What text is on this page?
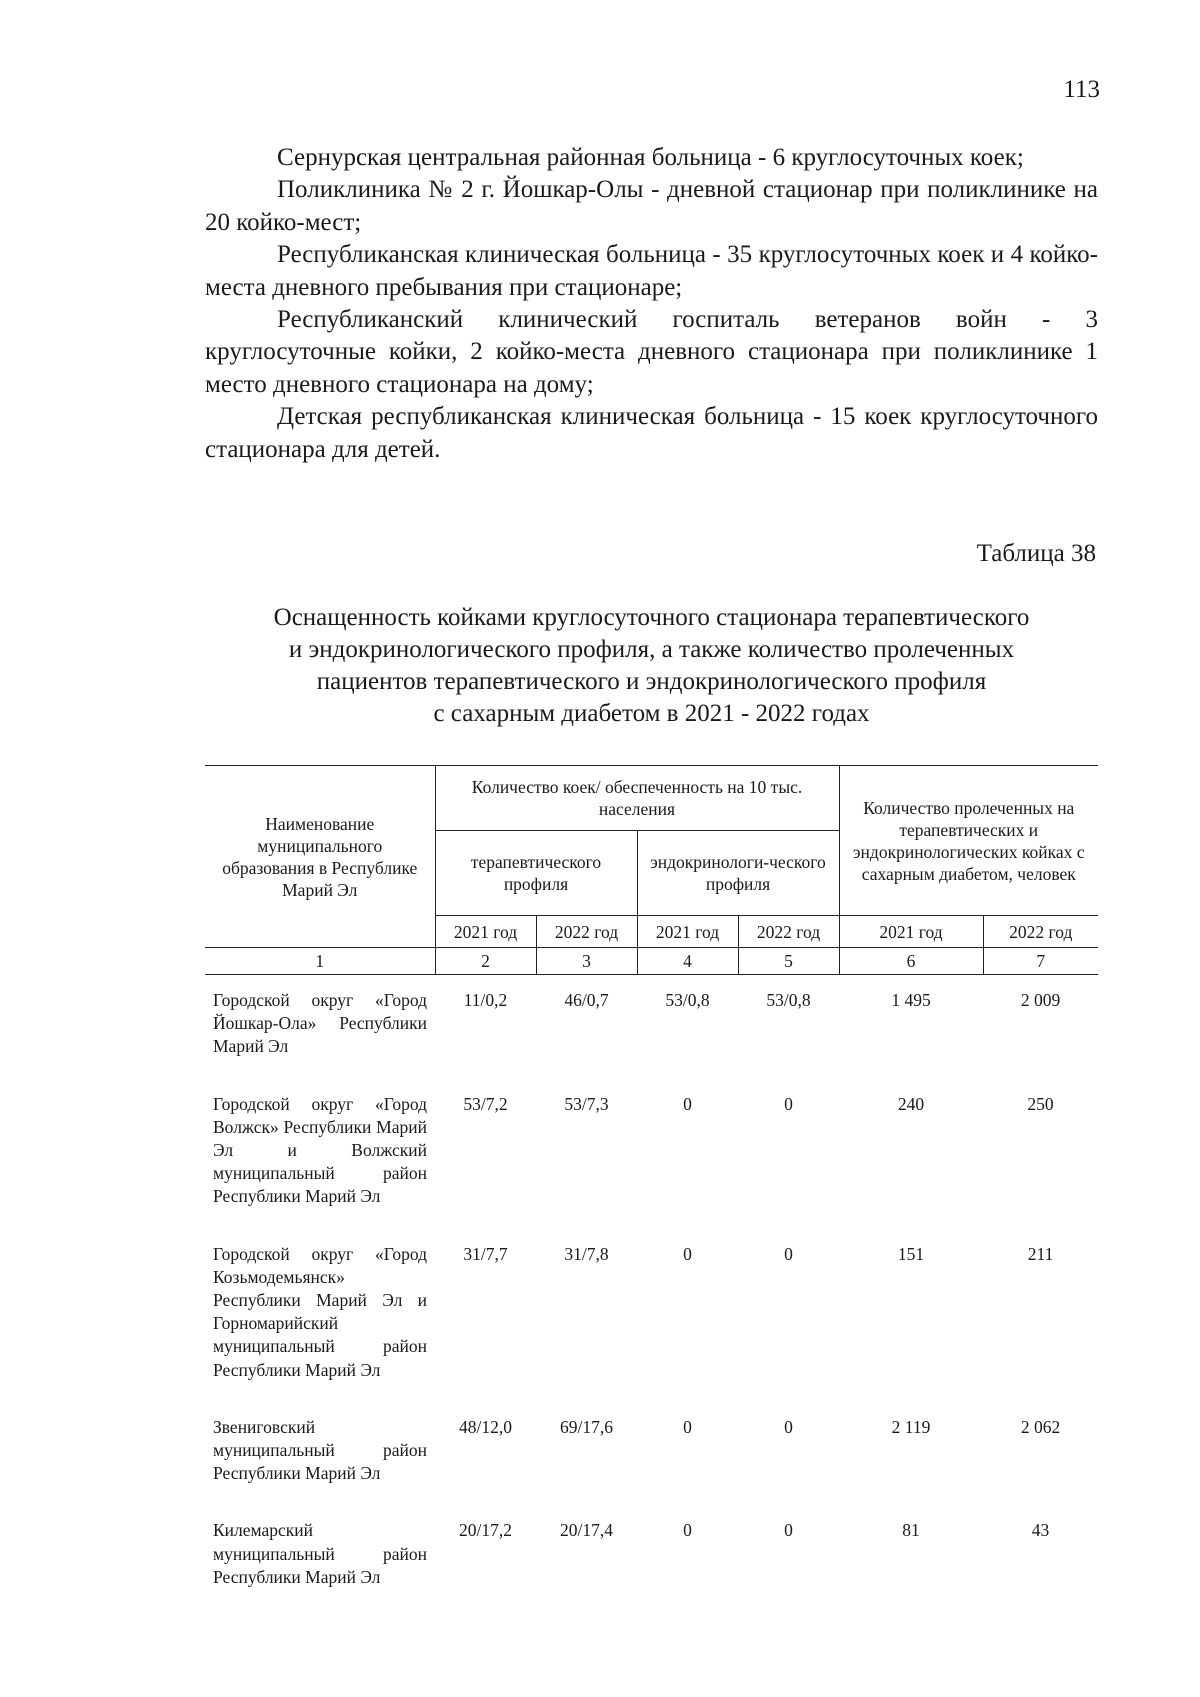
113

Сернурская центральная районная больница - 6 круглосуточных коек;

Поликлиника № 2 г. Йошкар-Олы - дневной стационар при поликлинике на 20 койко-мест;

Республиканская клиническая больница - 35 круглосуточных коек и 4 койко-места дневного пребывания при стационаре;

Республиканский клинический госпиталь ветеранов войн - 3 круглосуточные койки, 2 койко-места дневного стационара при поликлинике 1 место дневного стационара на дому;

Детская республиканская клиническая больница - 15 коек круглосуточного стационара для детей.

Таблица 38
Оснащенность койками круглосуточного стационара терапевтического
и эндокринологического профиля, а также количество пролеченных
пациентов терапевтического и эндокринологического профиля
с сахарным диабетом в 2021 - 2022 годах
Наименование муниципального образования в Республике Марий Эл	Количество коек/ обеспеченность на 10 тыс. населения				Количество пролеченных на терапевтических и эндокринологических койках с сахарным диабетом, человек	
	терапевтического профиля		эндокринологи-ческого профиля			
	2021 год	2022 год	2021 год	2022 год	2021 год	2022 год
1	2	3	4	5	6	7

Городской округ «Город Йошкар-Ола» Республики Марий Эл	11/0,2	46/0,7	53/0,8	53/0,8	1 495	2 009
Городской округ «Город Волжск» Республики Марий Эл и Волжский муниципальный район Республики Марий Эл	53/7,2	53/7,3	0	0	240	250
Городской округ «Город Козьмодемьянск» Республики Марий Эл и Горномарийский муниципальный район Республики Марий Эл	31/7,7	31/7,8	0	0	151	211
Звениговский муниципальный район Республики Марий Эл	48/12,0	69/17,6	0	0	2 119	2 062
Килемарский муниципальный район Республики Марий Эл	20/17,2	20/17,4	0	0	81	43
